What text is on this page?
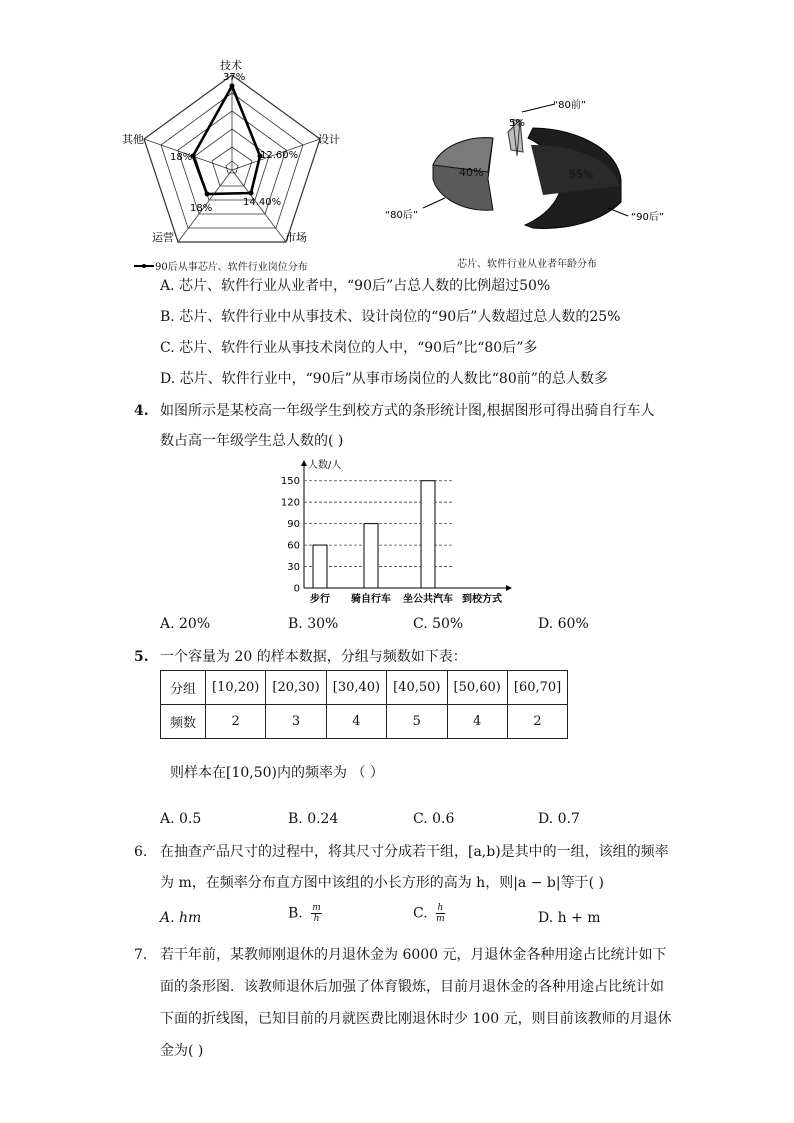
技术
设计
市场
运营
其他
37%
12.60%
14.40%
18%
18%
90后从事芯片、软件行业岗位分布
5%
40%	55%
“80前”
“80后”	“90后”
芯片、软件行业从业者年龄分布
A. 芯片、软件行业从业者中，“90后”占总人数的比例超过50%
B. 芯片、软件行业中从事技术、设计岗位的“90后”人数超过总人数的25%
C. 芯片、软件行业从事技术岗位的人中，“90后”比“80后”多
D. 芯片、软件行业中，“90后”从事市场岗位的人数比“80前”的总人数多
4. 如图所示是某校高一年级学生到校方式的条形统计图,根据图形可得出骑自行车人
数占高一年级学生总人数的( )
0
30
60
90
120
150
人数/人
步行 骑自行车 坐公共汽车 到校方式
A. 20%	B. 30%	C. 50%	D. 60%
5. 一个容量为 20 的样本数据，分组与频数如下表：
分组	[10,20)	[20,30)	[30,40)	[40,50)	[50,60)	[60,70]
频数	2	3	4	5	4	2
则样本在[10,50)内的频率为 （ ）
A. 0.5	B. 0.24	C. 0.6	D. 0.7
6. 在抽查产品尺寸的过程中，将其尺寸分成若干组，[a,b)是其中的一组，该组的频率
为 m，在频率分布直方图中该组的小长方形的高为 h，则|a − b|等于( )
A. hm	B. $\frac{m}{h}$	C. $\frac{h}{m}$	D. h + m
7. 若干年前，某教师刚退休的月退休金为 6000 元，月退休金各种用途占比统计如下
面的条形图．该教师退休后加强了体育锻炼，目前月退休金的各种用途占比统计如
下面的折线图，已知目前的月就医费比刚退休时少 100 元，则目前该教师的月退休
金为( )
